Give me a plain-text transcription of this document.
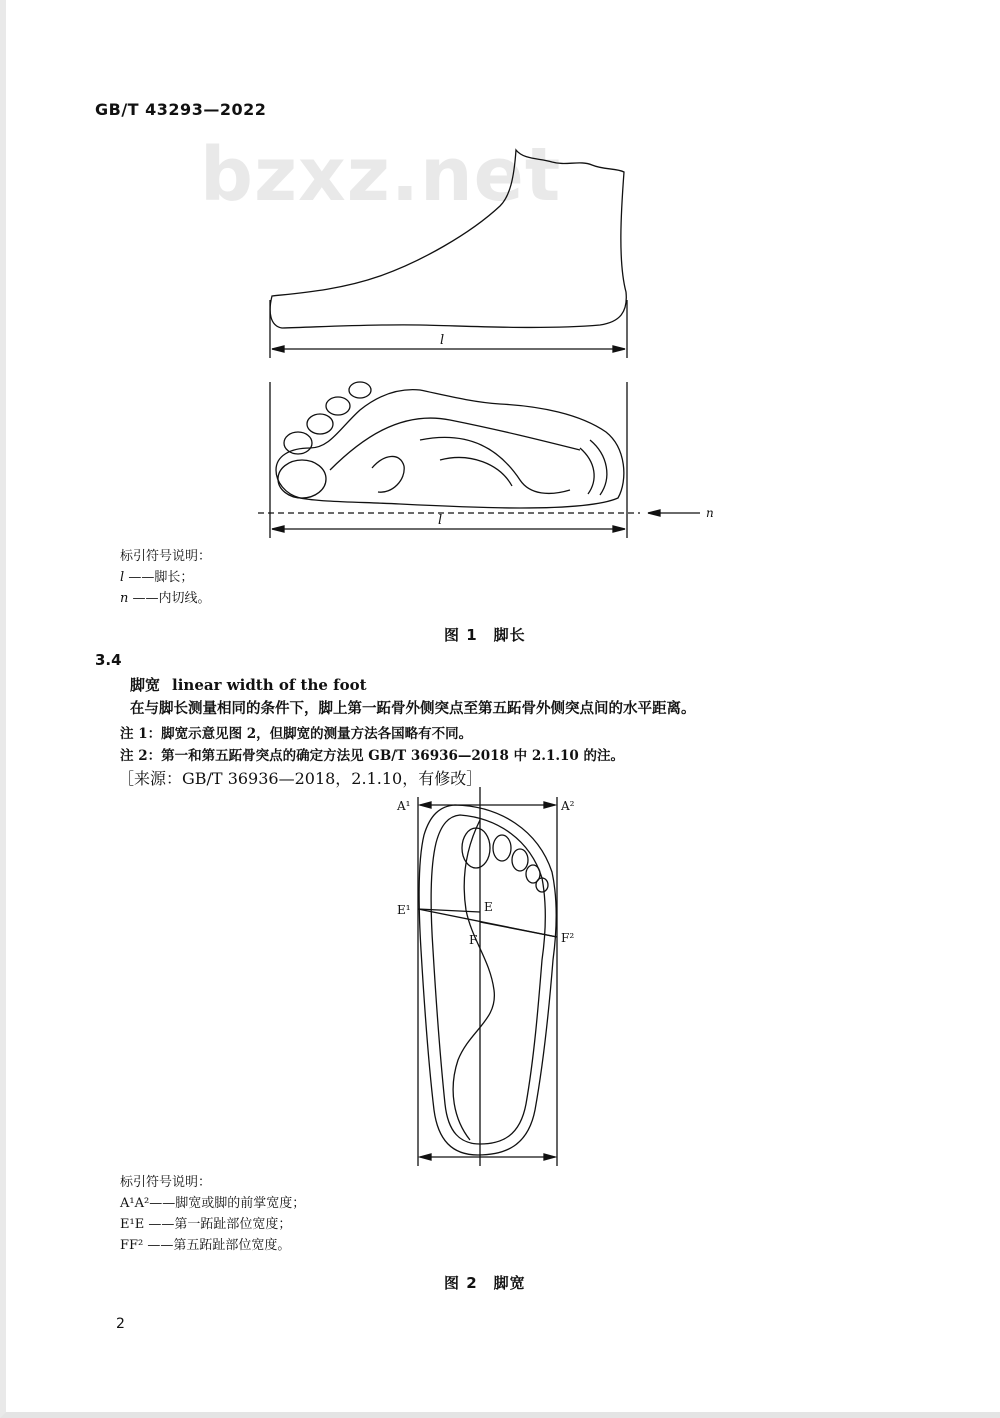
GB/T 43293—2022
bzxz.net
l
l	n
标引符号说明：
l ——脚长；
n ——内切线。
图 1　脚长
3.4
脚宽 linear width of the foot
在与脚长测量相同的条件下，脚上第一跖骨外侧突点至第五跖骨外侧突点间的水平距离。
注 1：脚宽示意见图 2，但脚宽的测量方法各国略有不同。
注 2：第一和第五跖骨突点的确定方法见 GB/T 36936—2018 中 2.1.10 的注。
［来源：GB/T 36936—2018，2.1.10，有修改］
A¹	A²
E¹	E
F	F²
标引符号说明：
A¹A²——脚宽或脚的前掌宽度；
E¹E ——第一跖趾部位宽度；
FF² ——第五跖趾部位宽度。
图 2　脚宽
2
